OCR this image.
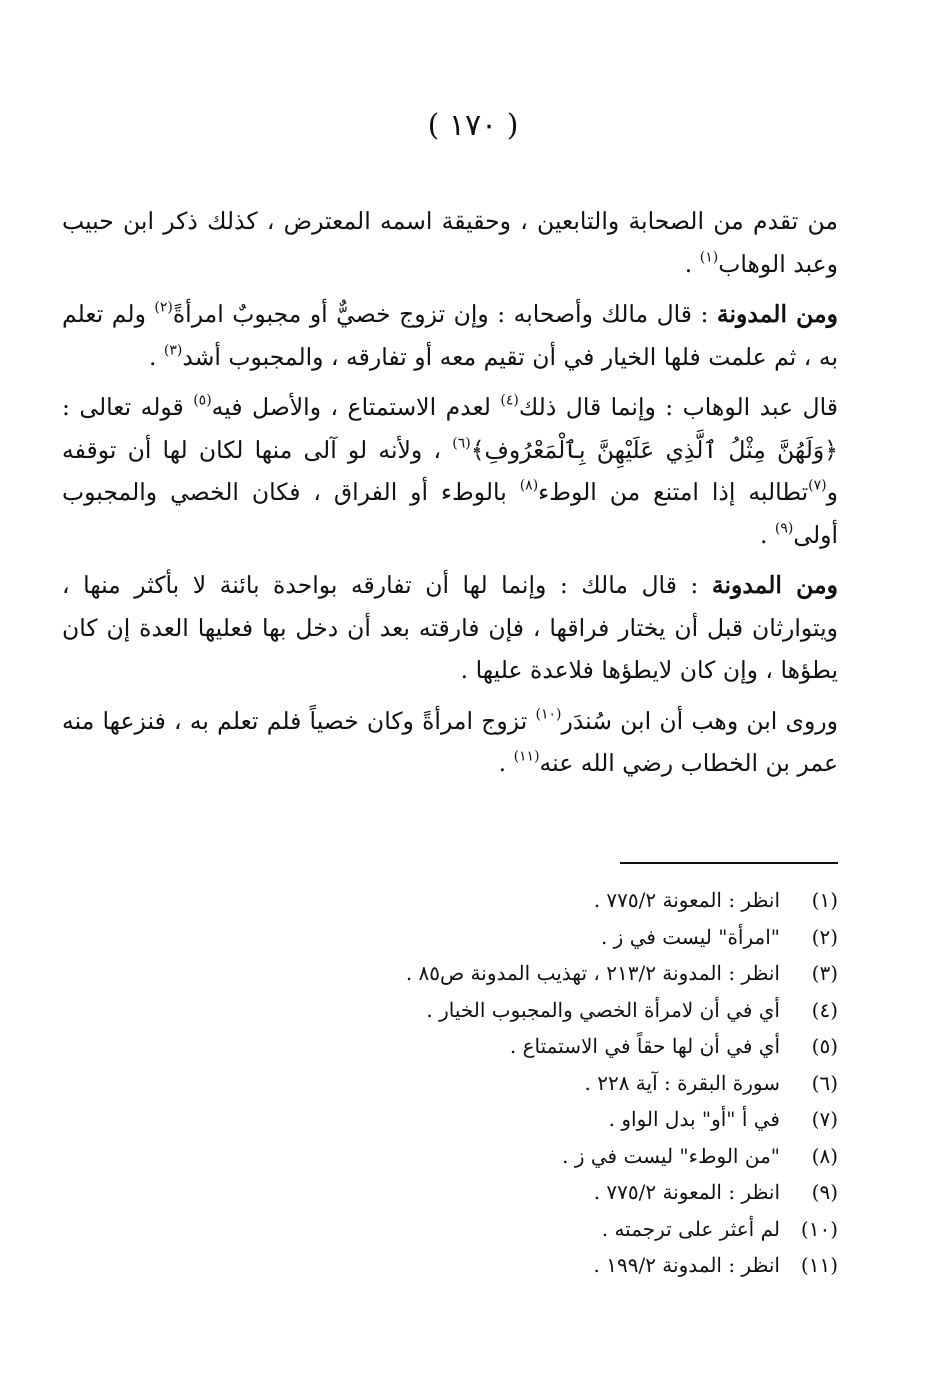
( ١٧٠ )

من تقدم من الصحابة والتابعين ، وحقيقة اسمه المعترض ، كذلك ذكر ابن حبيب وعبد الوهاب$^{(١)}$ .

ومن المدونة : قال مالك وأصحابه : وإن تزوج خصيٌّ أو مجبوبٌ امرأةً$^{(٢)}$ ولم تعلم به ، ثم علمت فلها الخيار في أن تقيم معه أو تفارقه ، والمجبوب أشد$^{(٣)}$ .

قال عبد الوهاب : وإنما قال ذلك$^{(٤)}$ لعدم الاستمتاع ، والأصل فيه$^{(٥)}$ قوله تعالى : ﴿وَلَهُنَّ مِثْلُ ٱلَّذِي عَلَيْهِنَّ بِٱلْمَعْرُوفِ﴾$^{(٦)}$ ، ولأنه لو آلى منها لكان لها أن توقفه و$^{(٧)}$تطالبه إذا امتنع من الوطء$^{(٨)}$ بالوطء أو الفراق ، فكان الخصي والمجبوب أولى$^{(٩)}$ .

ومن المدونة : قال مالك : وإنما لها أن تفارقه بواحدة بائنة لا بأكثر منها ، ويتوارثان قبل أن يختار فراقها ، فإن فارقته بعد أن دخل بها فعليها العدة إن كان يطؤها ، وإن كان لايطؤها فلاعدة عليها .

وروى ابن وهب أن ابن سُندَر$^{(١٠)}$ تزوج امرأةً وكان خصياً فلم تعلم به ، فنزعها منه عمر بن الخطاب رضي الله عنه$^{(١١)}$ .

(١)
انظر : المعونة ٧٧٥/٢ .
(٢)
"امرأة" ليست في ز .
(٣)
انظر : المدونة ٢١٣/٢ ، تهذيب المدونة ص٨٥ .
(٤)
أي في أن لامرأة الخصي والمجبوب الخيار .
(٥)
أي في أن لها حقاً في الاستمتاع .
(٦)
سورة البقرة : آية ٢٢٨ .
(٧)
في أ "أو" بدل الواو .
(٨)
"من الوطء" ليست في ز .
(٩)
انظر : المعونة ٧٧٥/٢ .
(١٠)
لم أعثر على ترجمته .
(١١)
انظر : المدونة ١٩٩/٢ .
